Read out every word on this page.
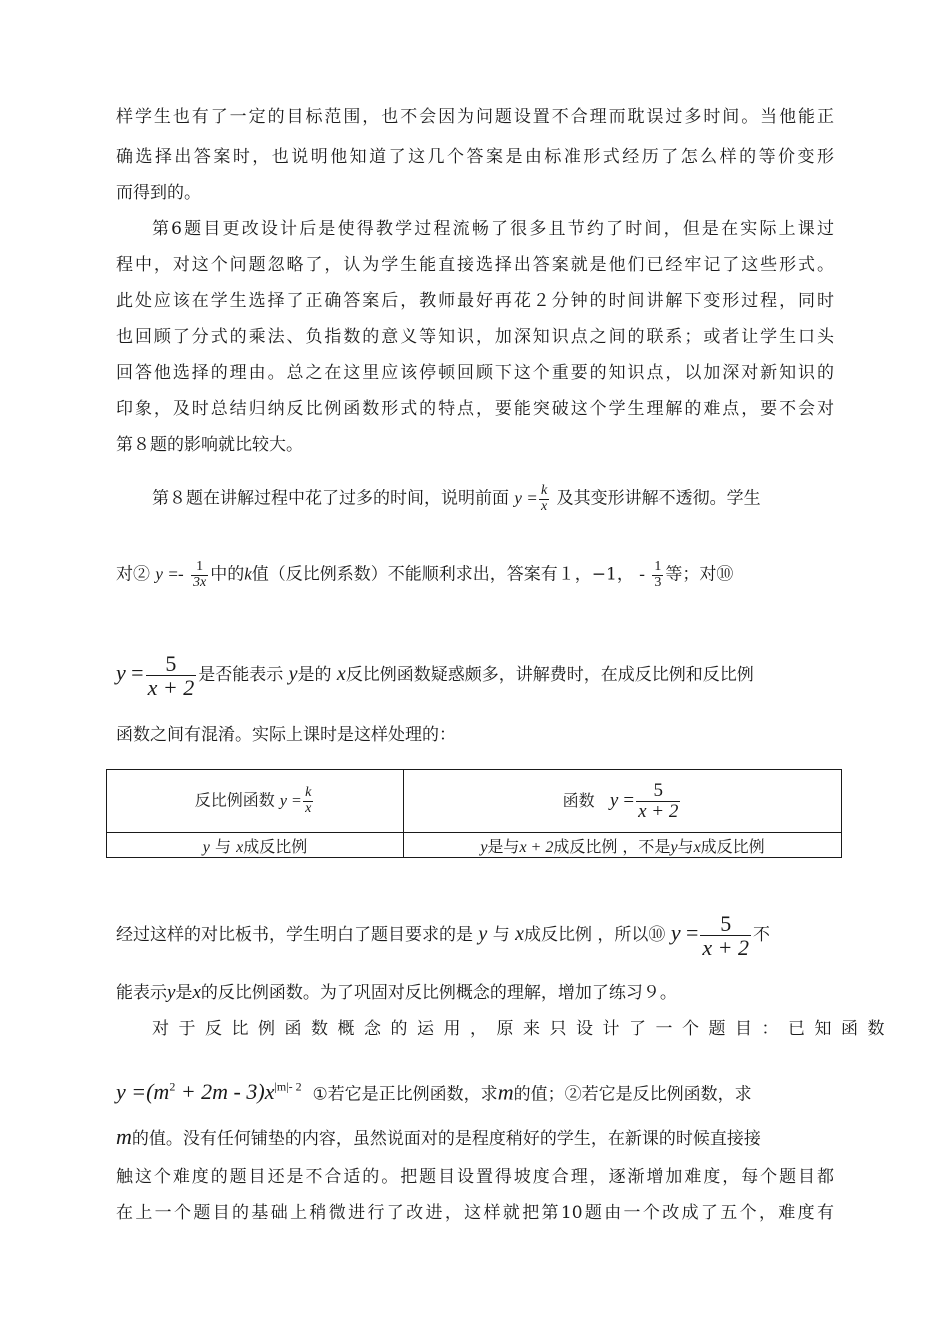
样学生也有了一定的目标范围，也不会因为问题设置不合理而耽误过多时间。当他能正
确选择出答案时，也说明他知道了这几个答案是由标准形式经历了怎么样的等价变形
而得到的。
第6题目更改设计后是使得教学过程流畅了很多且节约了时间，但是在实际上课过
程中，对这个问题忽略了，认为学生能直接选择出答案就是他们已经牢记了这些形式。
此处应该在学生选择了正确答案后，教师最好再花２分钟的时间讲解下变形过程，同时
也回顾了分式的乘法、负指数的意义等知识，加深知识点之间的联系；或者让学生口头
回答他选择的理由。总之在这里应该停顿回顾下这个重要的知识点，以加深对新知识的
印象，及时总结归纳反比例函数形式的特点，要能突破这个学生理解的难点，要不会对
第８题的影响就比较大。
第８题在讲解过程中花了过多的时间，说明前面 $y = \frac{k}{x}$ 及其变形讲解不透彻。学生
对② $y =- \frac{1}{3x}$ 中的k值（反比例系数）不能顺利求出，答案有１，−1， - $\frac{1}{3}$ 等；对⑩
$y = \frac{5}{x + 2}$ 是否能表示 y是的 x反比例函数疑惑颇多，讲解费时，在成反比例和反比例
函数之间有混淆。实际上课时是这样处理的：
反比例函数 $y = \frac{k}{x}$	函数 $y = \frac{5}{x + 2}$

y 与 x成反比例	y是与x + 2成反比例 ，不是y与x成反比例
经过这样的对比板书，学生明白了题目要求的是 y 与 x成反比例 ，所以⑩ $y = \frac{5}{x + 2}$ 不
能表示y是x的反比例函数。为了巩固对反比例概念的理解，增加了练习９。
对于反比例函数概念的运用，原来只设计了一个题目：已知函数
$y =(m^2 + 2m - 3)x^{|m|- 2}$ ①若它是正比例函数，求m的值；②若它是反比例函数，求
m的值。没有任何铺垫的内容，虽然说面对的是程度稍好的学生，在新课的时候直接接
触这个难度的题目还是不合适的。把题目设置得坡度合理，逐渐增加难度，每个题目都
在上一个题目的基础上稍微进行了改进，这样就把第10题由一个改成了五个，难度有
